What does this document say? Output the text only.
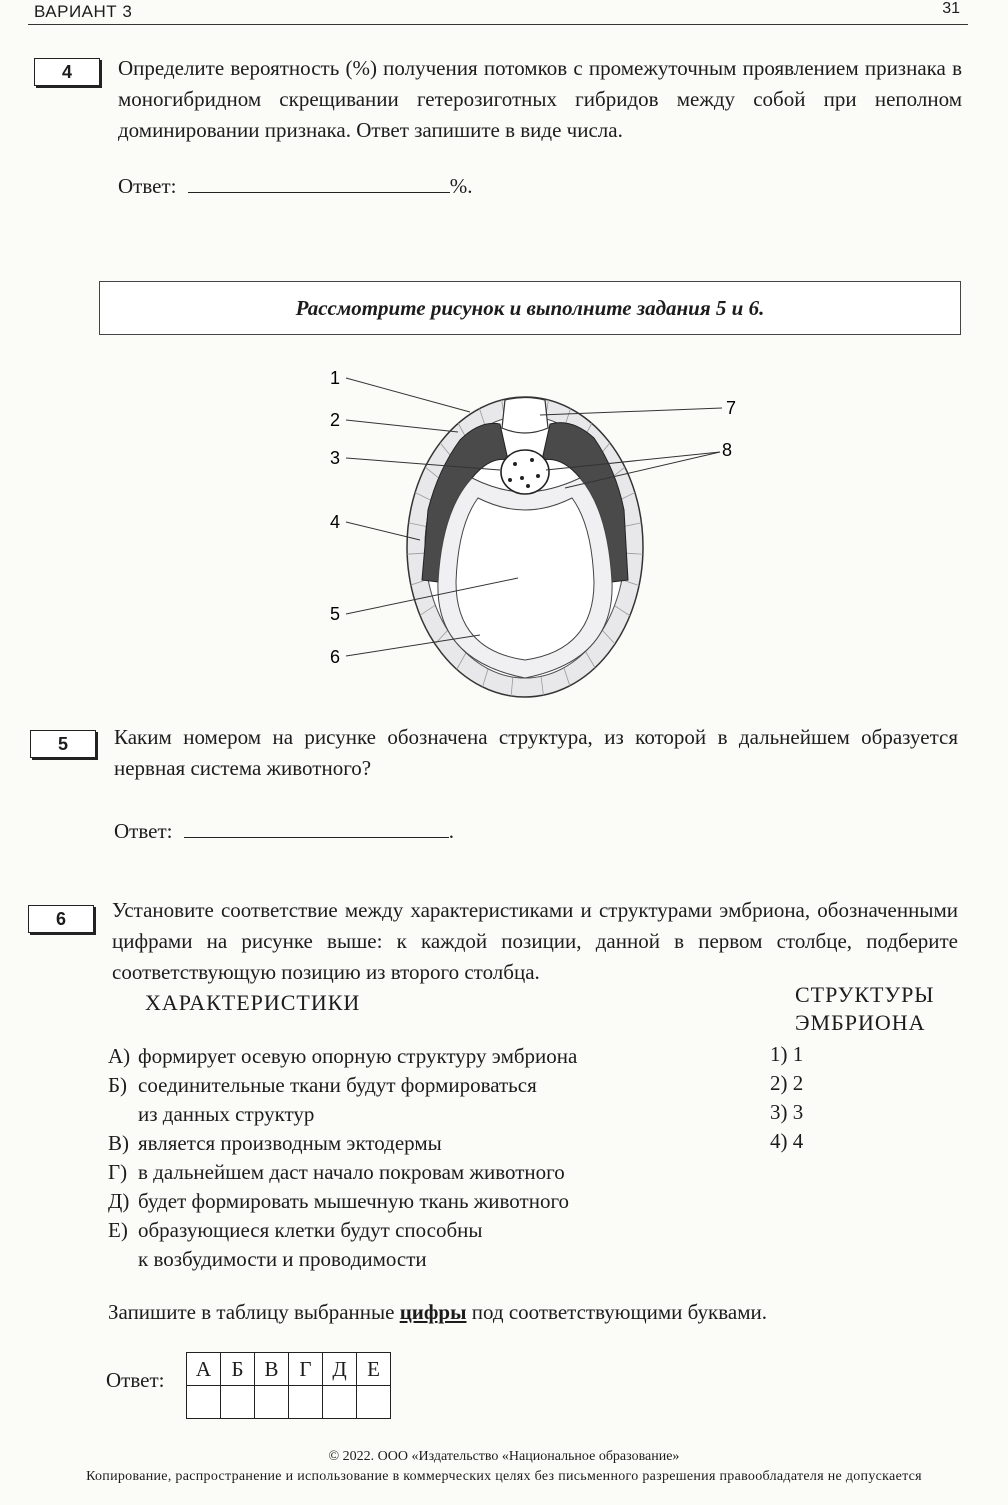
ВАРИАНТ 3	31
4	Определите вероятность (%) получения потомков с промежуточным проявлением признака в моногибридном скрещивании гетерозиготных гибридов между собой при неполном доминировании признака. Ответ запишите в виде числа.
Ответ:	%.
Рассмотрите рисунок и выполните задания 5 и 6.
1
2
3
4
5
6
7
8
5	Каким номером на рисунке обозначена структура, из которой в дальнейшем образуется нервная система животного?
Ответ:	.
6	Установите соответствие между характеристиками и структурами эмбриона, обозначенными цифрами на рисунке выше: к каждой позиции, данной в первом столбце, подберите соответствующую позицию из второго столбца.
ХАРАКТЕРИСТИКИ	СТРУКТУРЫ
ЭМБРИОНА
А) формирует осевую опорную структуру эмбриона
Б) соединительные ткани будут формироваться
из данных структур
В) является производным эктодермы
Г) в дальнейшем даст начало покровам животного
Д) будет формировать мышечную ткань животного
Е) образующиеся клетки будут способны
к возбудимости и проводимости
1) 1
2) 2
3) 3
4) 4
Запишите в таблицу выбранные цифры под соответствующими буквами.
Ответ: А	Б	В	Г	Д	Е

© 2022. ООО «Издательство «Национальное образование»
Копирование, распространение и использование в коммерческих целях без письменного разрешения правообладателя не допускается
